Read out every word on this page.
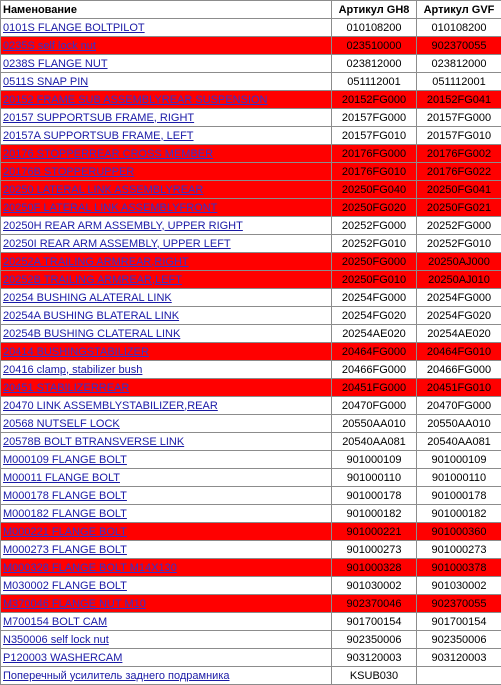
Наменование	Артикул GH8	Артикул GVF
0101S FLANGE BOLTPILOT	010108200	010108200
0235S self lock nut	023510000	902370055
0238S FLANGE NUT	023812000	023812000
0511S SNAP PIN	051112001	051112001
20152 FRAME SUB ASSEMBLYREAR SUSPENSION	20152FG000	20152FG041
20157 SUPPORTSUB FRAME, RIGHT	20157FG000	20157FG000
20157A SUPPORTSUB FRAME, LEFT	20157FG010	20157FG010
20176 STOPPERREAR CROSS MEMBER	20176FG000	20176FG002
20176B STOPPERUPPER	20176FG010	20176FG022
20250 LATERAL LINK ASSEMBLYREAR	20250FG040	20250FG041
20250F LATERAL LINK ASSEMBLYFRONT	20250FG020	20250FG021
20250H REAR ARM ASSEMBLY, UPPER RIGHT	20252FG000	20252FG000
20250I REAR ARM ASSEMBLY, UPPER LEFT	20252FG010	20252FG010
20252A TRAILING ARMREAR,RIGHT	20250FG000	20250AJ000
20252B TRAILING ARMREAR,LEFT	20250FG010	20250AJ010
20254 BUSHING ALATERAL LINK	20254FG000	20254FG000
20254A BUSHING BLATERAL LINK	20254FG020	20254FG020
20254B BUSHING CLATERAL LINK	20254AE020	20254AE020
20414 BUSHINGSTABILIZER	20464FG000	20464FG010
20416 clamp, stabilizer bush	20466FG000	20466FG000
20451 STABILIZERREAR	20451FG000	20451FG010
20470 LINK ASSEMBLYSTABILIZER,REAR	20470FG000	20470FG000
20568 NUTSELF LOCK	20550AA010	20550AA010
20578B BOLT BTRANSVERSE LINK	20540AA081	20540AA081
M000109 FLANGE BOLT	901000109	901000109
M00011 FLANGE BOLT	901000110	901000110
M000178 FLANGE BOLT	901000178	901000178
M000182 FLANGE BOLT	901000182	901000182
M000221 FLANGE BOLT	901000221	901000360
M000273 FLANGE BOLT	901000273	901000273
M000328 FLANGE BOLT M14X130	901000328	901000378
M030002 FLANGE BOLT	901030002	901030002
M370046 FLANGE NUT M10	902370046	902370055
M700154 BOLT CAM	901700154	901700154
N350006 self lock nut	902350006	902350006
P120003 WASHERCAM	903120003	903120003
Поперечный усилитель заднего подрамника	KSUB030	
